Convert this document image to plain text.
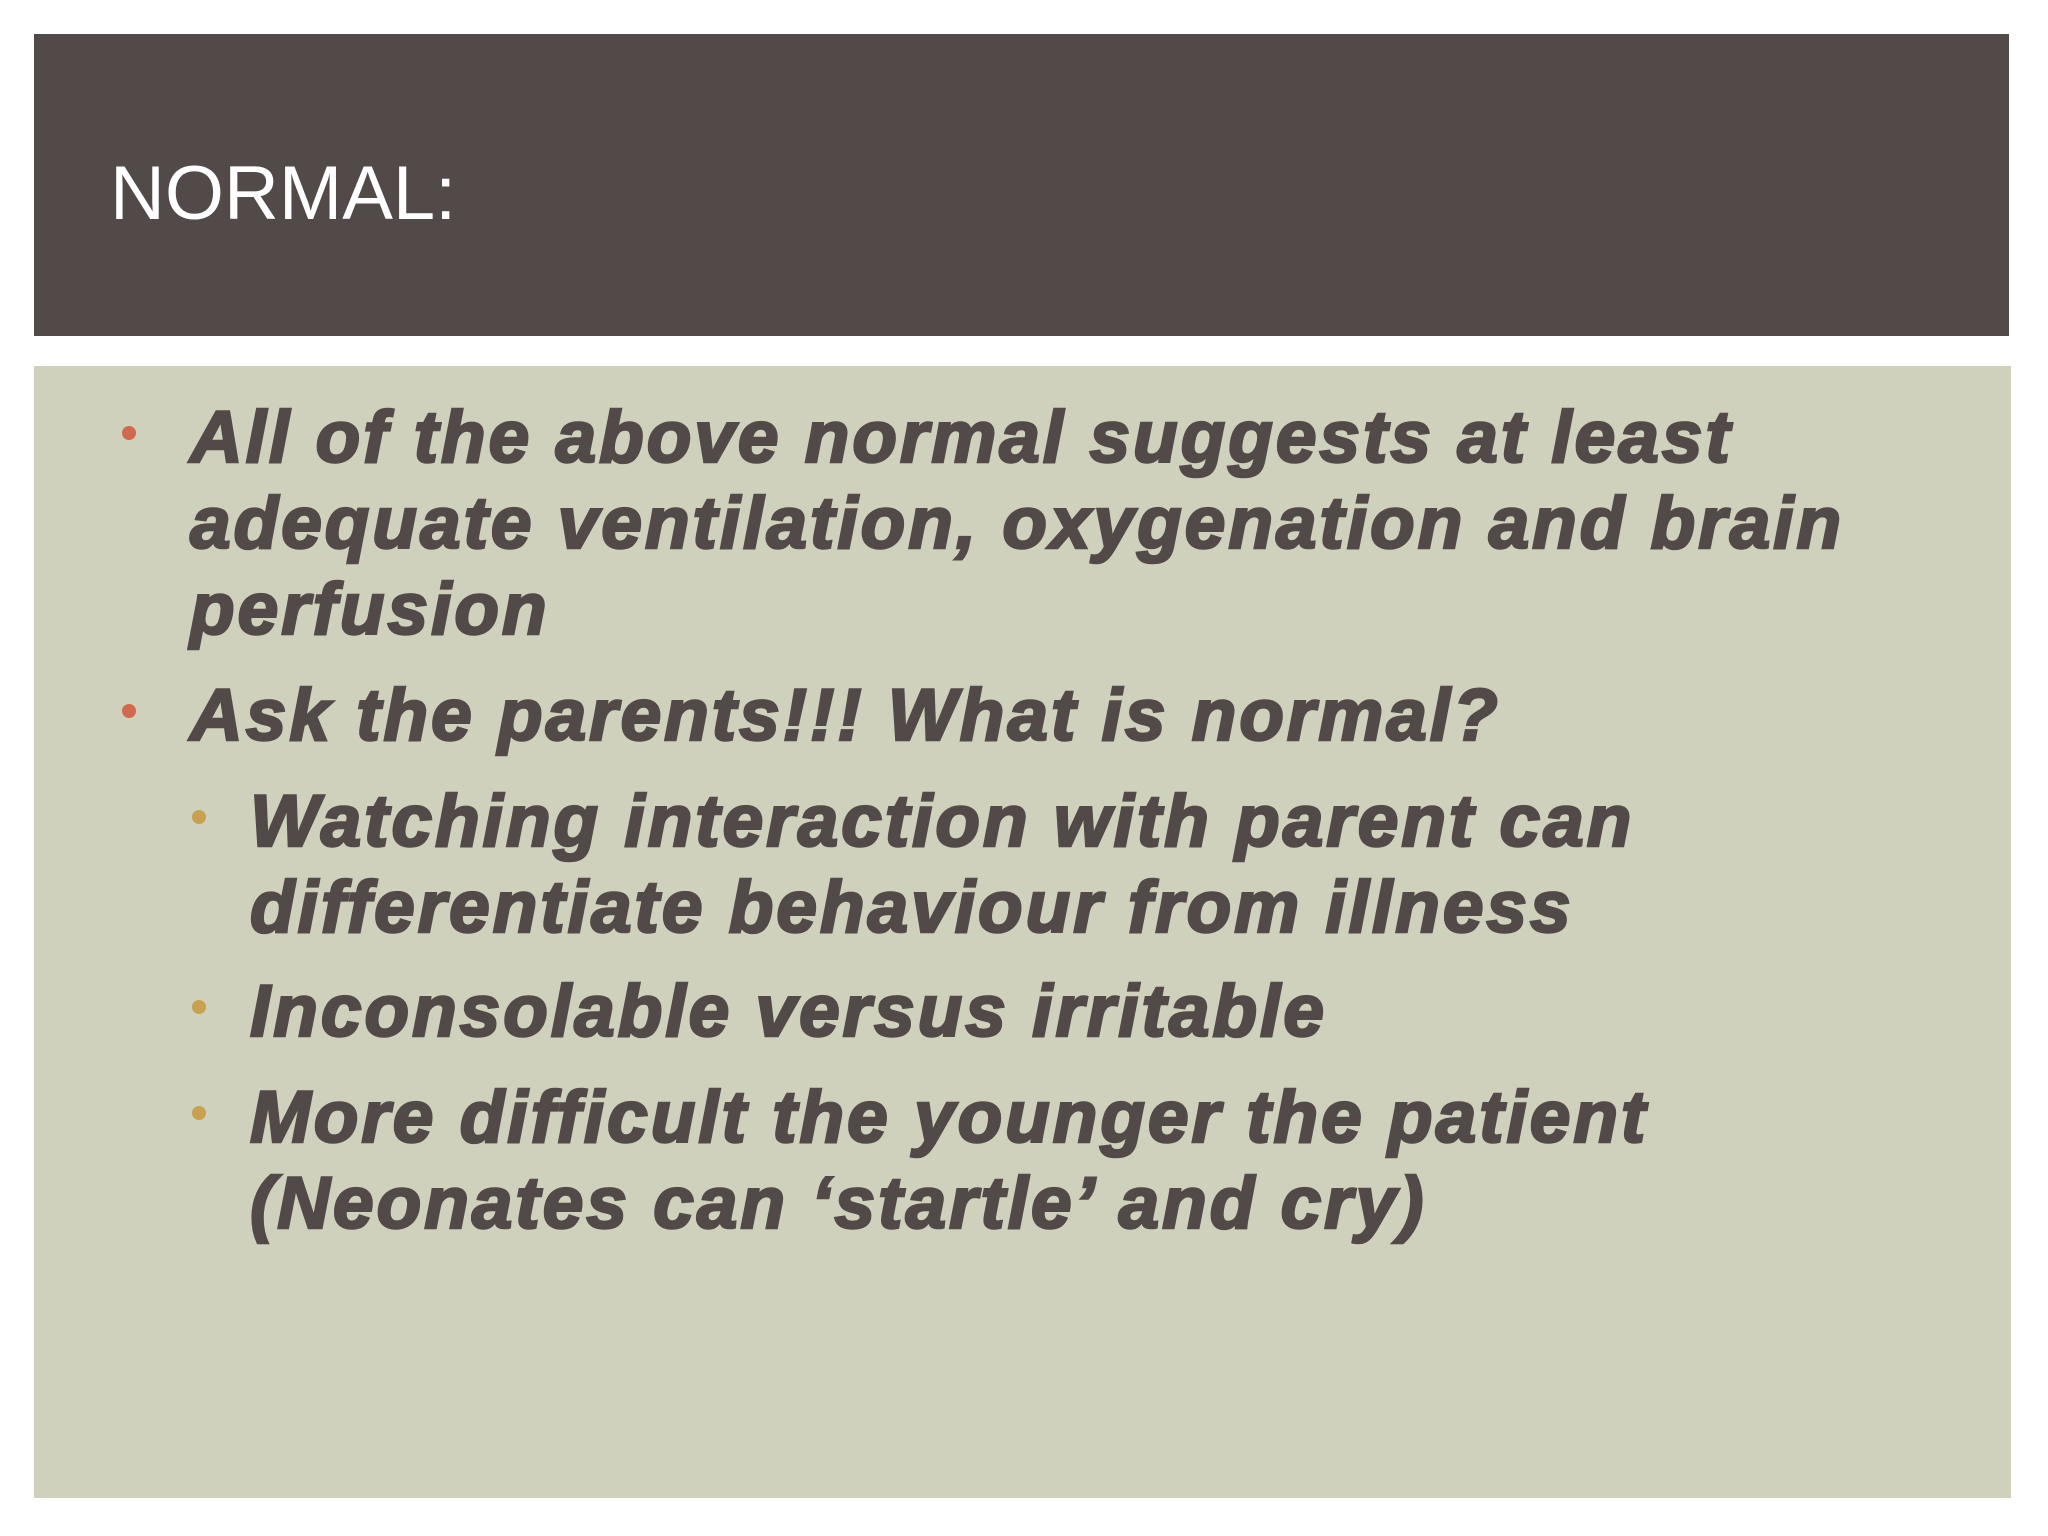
NORMAL:
All of the above normal suggests at least adequate ventilation, oxygenation and brain perfusion
Ask the parents!!! What is normal?
Watching interaction with parent can differentiate behaviour from illness
Inconsolable versus irritable
More difficult the younger the patient (Neonates can ‘startle’ and cry)
